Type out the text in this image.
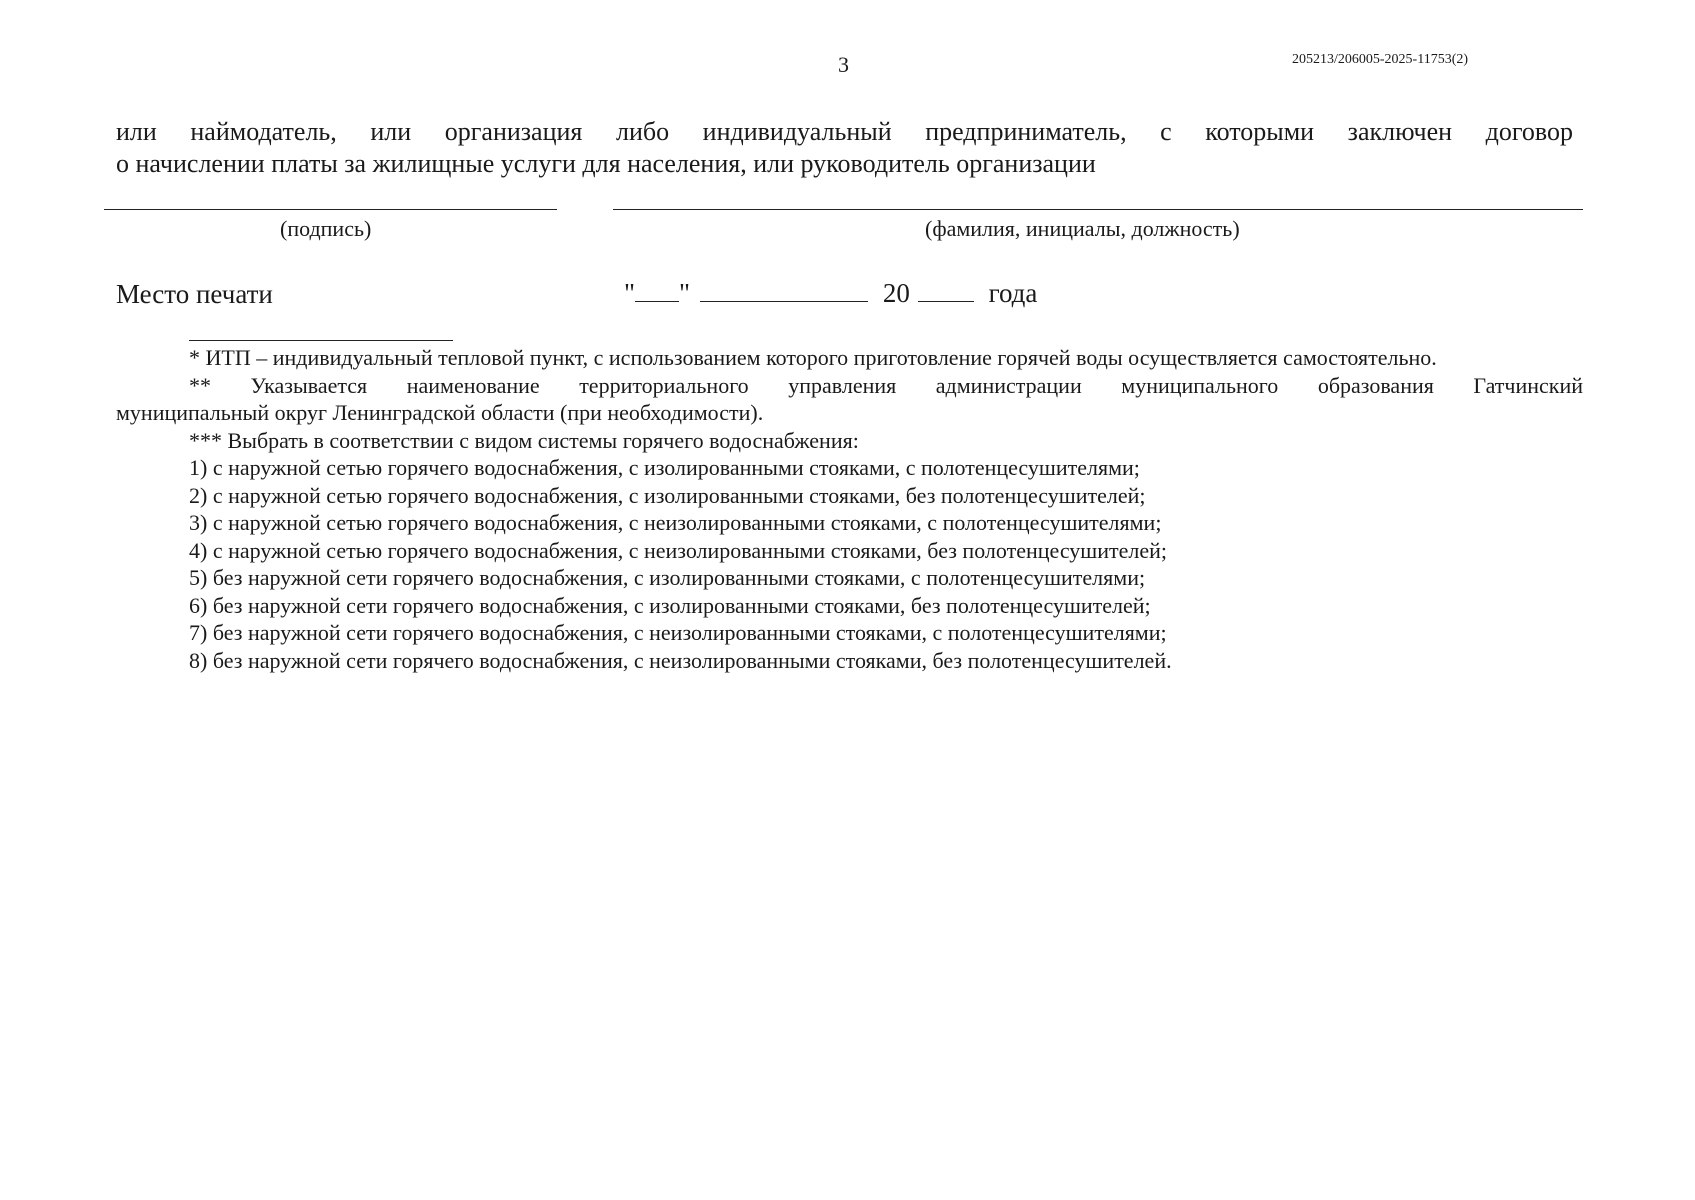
3	205213/206005-2025-11753(2)
или наймодатель, или организация либо индивидуальный предприниматель, с которыми заключен договор
о начислении платы за жилищные услуги для населения, или руководитель организации
(подпись)	(фамилия, инициалы, должность)
Место печати	" "	20	года
* ИТП – индивидуальный тепловой пункт, с использованием которого приготовление горячей воды осуществляется самостоятельно.
** Указывается наименование территориального управления администрации муниципального образования Гатчинский
муниципальный округ Ленинградской области (при необходимости).
*** Выбрать в соответствии с видом системы горячего водоснабжения:
1) с наружной сетью горячего водоснабжения, с изолированными стояками, с полотенцесушителями;
2) с наружной сетью горячего водоснабжения, с изолированными стояками, без полотенцесушителей;
3) с наружной сетью горячего водоснабжения, с неизолированными стояками, с полотенцесушителями;
4) с наружной сетью горячего водоснабжения, с неизолированными стояками, без полотенцесушителей;
5) без наружной сети горячего водоснабжения, с изолированными стояками, с полотенцесушителями;
6) без наружной сети горячего водоснабжения, с изолированными стояками, без полотенцесушителей;
7) без наружной сети горячего водоснабжения, с неизолированными стояками, с полотенцесушителями;
8) без наружной сети горячего водоснабжения, с неизолированными стояками, без полотенцесушителей.
